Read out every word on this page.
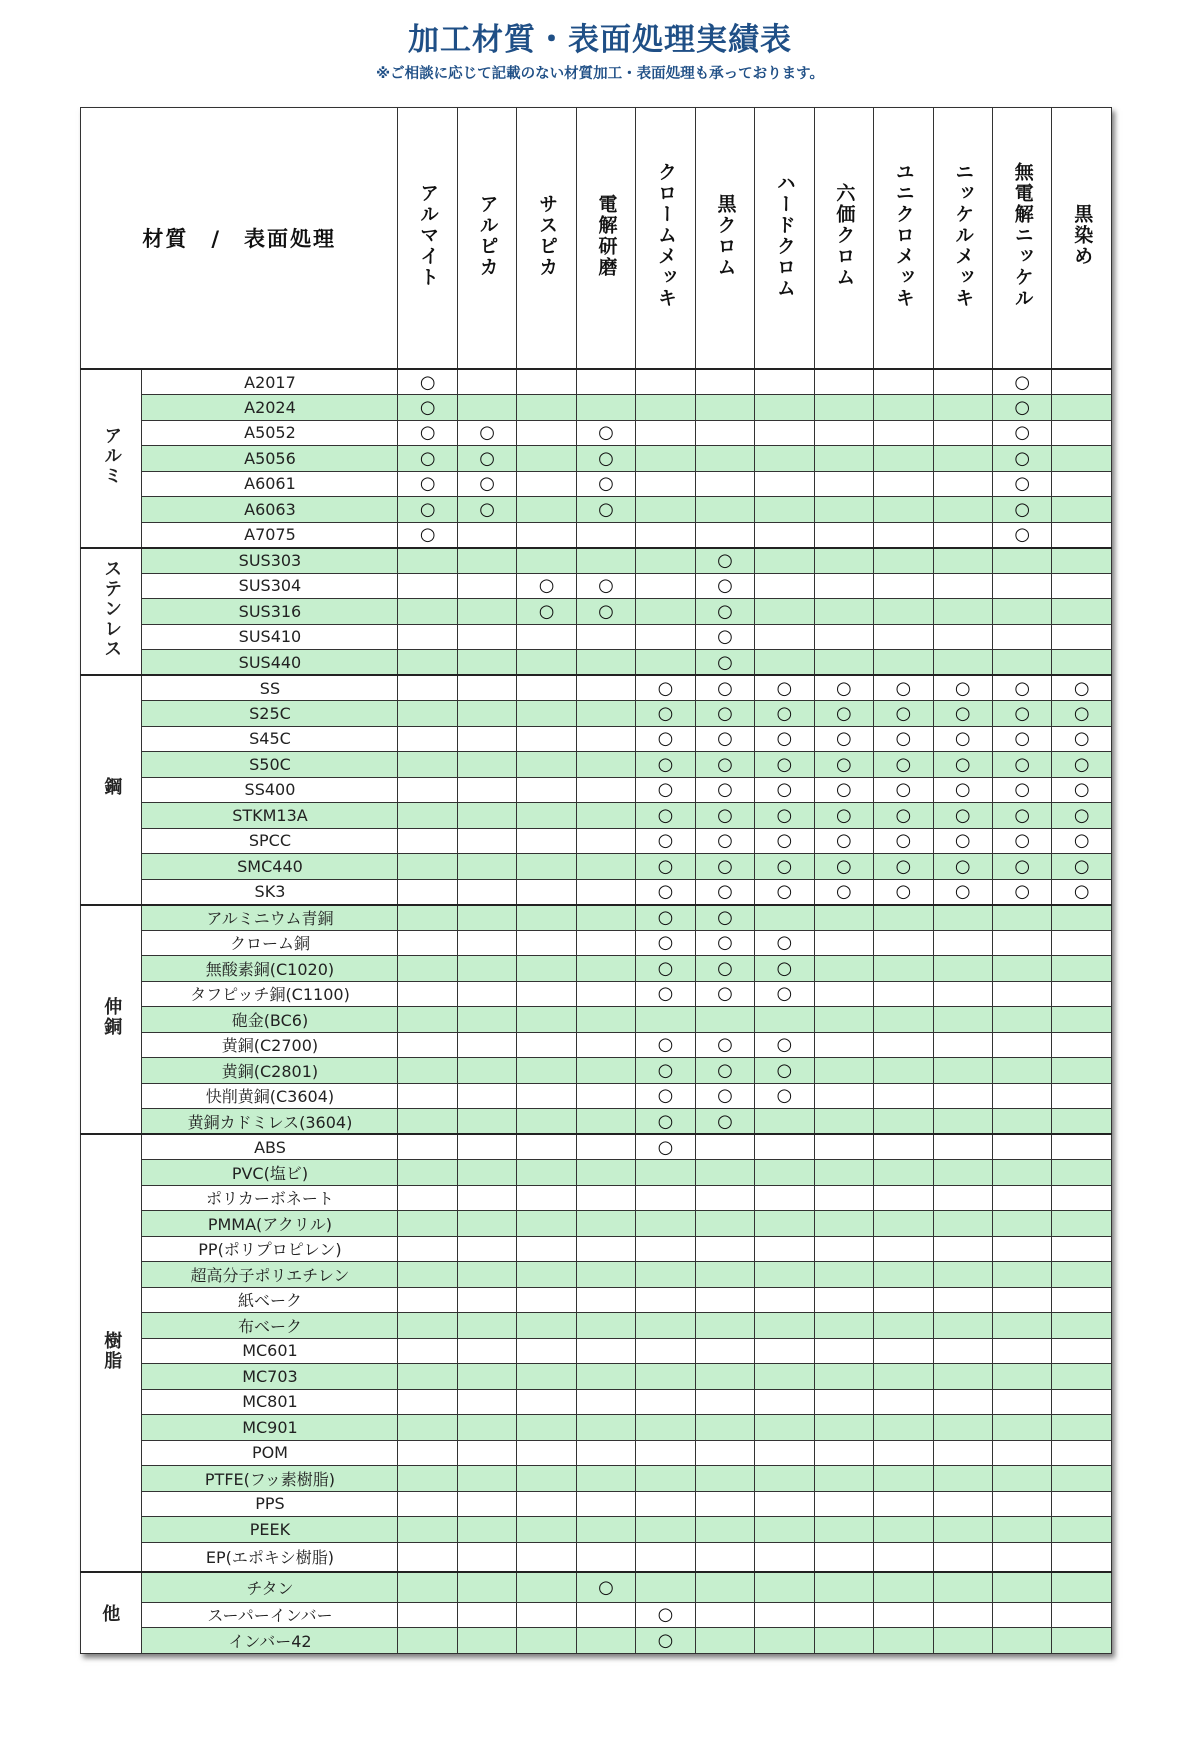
加工材質・表面処理実績表
※ご相談に応じて記載のない材質加工・表面処理も承っております。
材質　/　表面処理		アルマイト	アルピカ	サスピカ	電解研磨	クロームメッキ	黒クロム	ハードクロム	六価クロム	ユニクロメッキ	ニッケルメッキ	無電解ニッケル	黒染め
アルミ	A2017	○										○	
	A2024	○										○	
	A5052	○	○		○							○	
	A5056	○	○		○							○	
	A6061	○	○		○							○	
	A6063	○	○		○							○	
	A7075	○										○	
ステンレス	SUS303						○						
	SUS304			○	○		○						
	SUS316			○	○		○						
	SUS410						○						
	SUS440						○						
鋼	SS					○	○	○	○	○	○	○	○
	S25C					○	○	○	○	○	○	○	○
	S45C					○	○	○	○	○	○	○	○
	S50C					○	○	○	○	○	○	○	○
	SS400					○	○	○	○	○	○	○	○
	STKM13A					○	○	○	○	○	○	○	○
	SPCC					○	○	○	○	○	○	○	○
	SMC440					○	○	○	○	○	○	○	○
	SK3					○	○	○	○	○	○	○	○
伸銅	アルミニウム青銅					○	○						
	クローム銅					○	○	○					
	無酸素銅(C1020)					○	○	○					
	タフピッチ銅(C1100)					○	○	○					
	砲金(BC6)												
	黄銅(C2700)					○	○	○					
	黄銅(C2801)					○	○	○					
	快削黄銅(C3604)					○	○	○					
	黄銅カドミレス(3604)					○	○						
樹脂	ABS					○							
	PVC(塩ビ)												
	ポリカーボネート												
	PMMA(アクリル)												
	PP(ポリプロピレン)												
	超高分子ポリエチレン												
	紙ベーク												
	布ベーク												
	MC601												
	MC703												
	MC801												
	MC901												
	POM												
	PTFE(フッ素樹脂)												
	PPS												
	PEEK												
	EP(エポキシ樹脂)												
他	チタン				○								
	スーパーインバー					○							
	インバー42					○							
